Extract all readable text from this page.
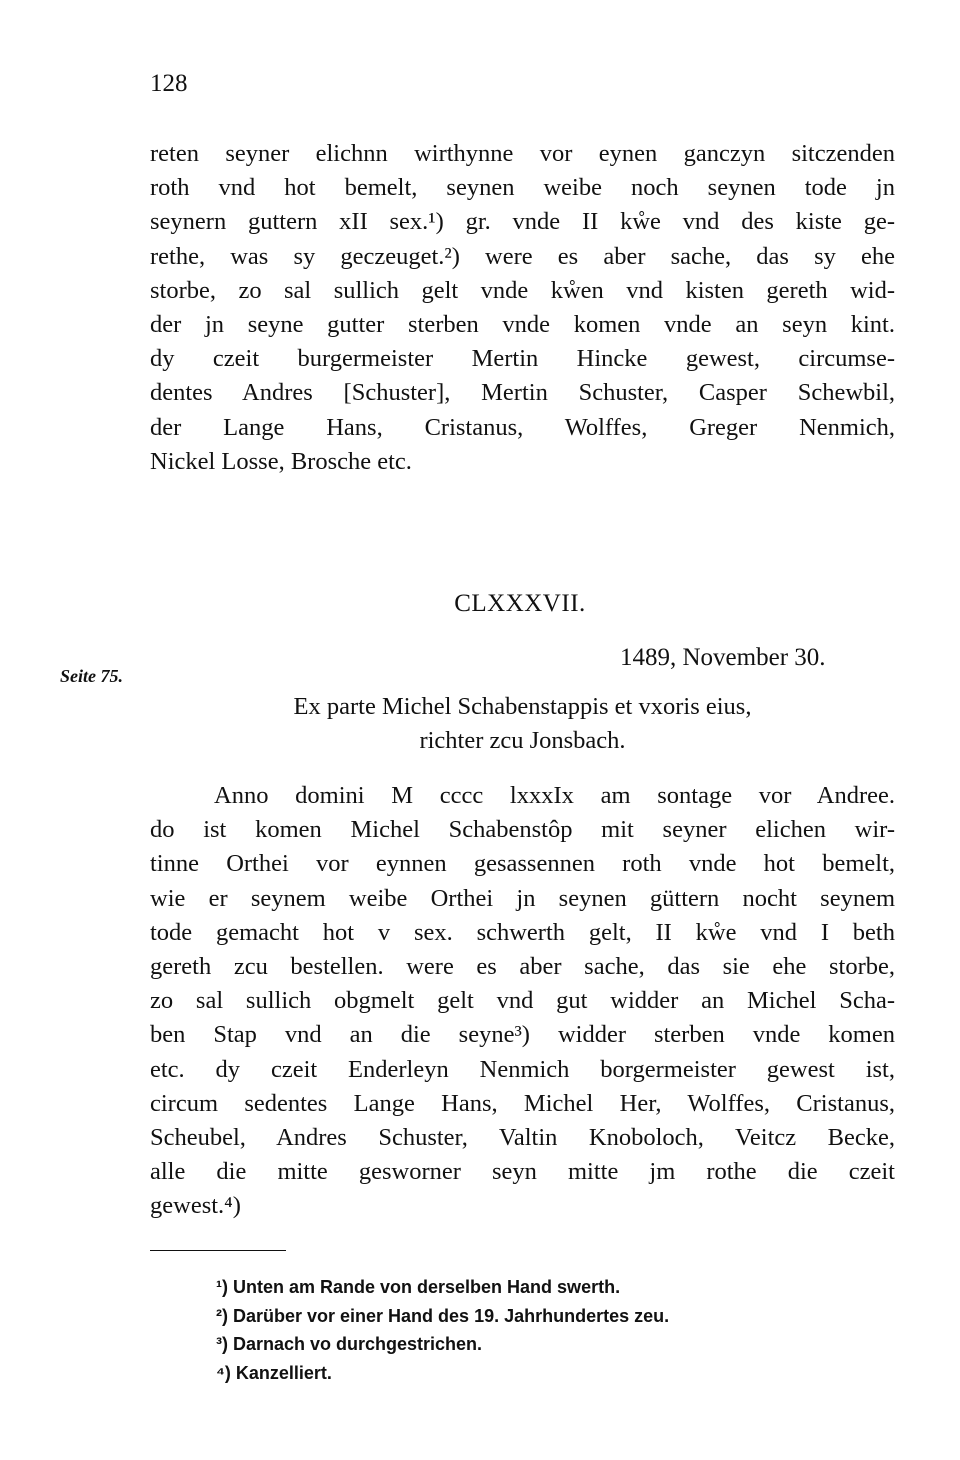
128
reten seyner elichnn wirthynne vor eynen ganczyn sitczenden
roth vnd hot bemelt, seynen weibe noch seynen tode jn
seynern guttern xII sex.¹) gr. vnde II kẘe vnd des kiste ge-
rethe, was sy geczeuget.²) were es aber sache, das sy ehe
storbe, zo sal sullich gelt vnde kẘen vnd kisten gereth wid-
der jn seyne gutter sterben vnde komen vnde an seyn kint.
dy czeit burgermeister Mertin Hincke gewest, circumse-
dentes Andres [Schuster], Mertin Schuster, Casper Schewbil,
der Lange Hans, Cristanus, Wolffes, Greger Nenmich,
Nickel Losse, Brosche etc.
CLXXXVII.
Seite 75.
1489, November 30.
Ex parte Michel Schabenstappis et vxoris eius,
richter zcu Jonsbach.
Anno domini M cccc lxxxIx am sontage vor Andree.
do ist komen Michel Schabenstôp mit seyner elichen wir-
tinne Orthei vor eynnen gesassennen roth vnde hot bemelt,
wie er seynem weibe Orthei jn seynen güttern nocht seynem
tode gemacht hot v sex. schwerth gelt, II kẘe vnd I beth
gereth zcu bestellen. were es aber sache, das sie ehe storbe,
zo sal sullich obgmelt gelt vnd gut widder an Michel Scha-
ben Stap vnd an die seyne³) widder sterben vnde komen
etc. dy czeit Enderleyn Nenmich borgermeister gewest ist,
circum sedentes Lange Hans, Michel Her, Wolffes, Cristanus,
Scheubel, Andres Schuster, Valtin Knoboloch, Veitcz Becke,
alle die mitte gesworner seyn mitte jm rothe die czeit
gewest.⁴)
¹) Unten am Rande von derselben Hand swerth.
²) Darüber vor einer Hand des 19. Jahrhundertes zeu.
³) Darnach vo durchgestrichen.
⁴) Kanzelliert.
